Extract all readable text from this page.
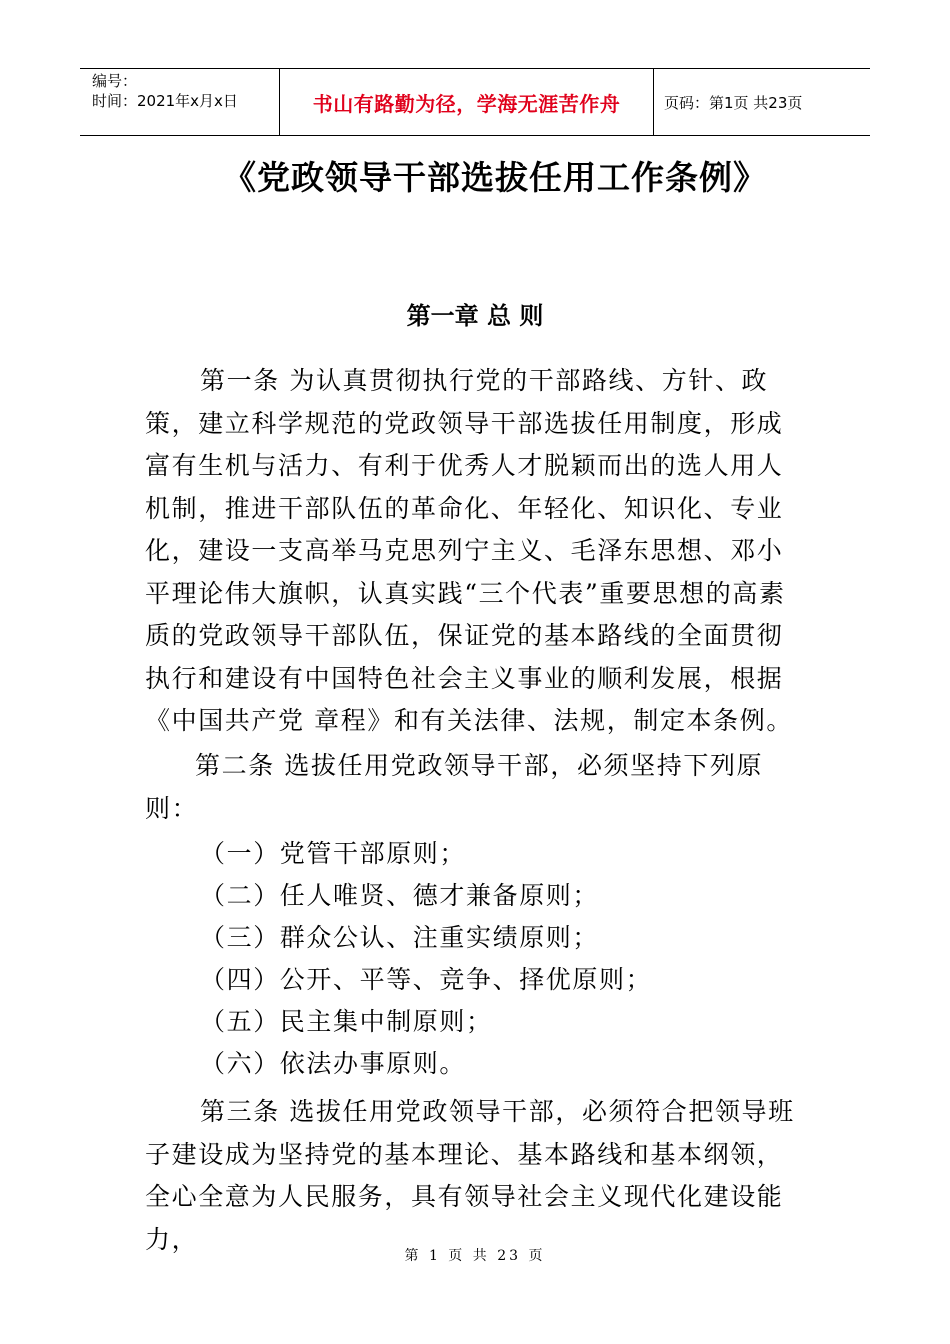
编号：
时间：2021年x月x日	书山有路勤为径，学海无涯苦作舟	页码：第1页 共23页
《党政领导干部选拔任用工作条例》
第一章 总 则

第一条 为认真贯彻执行党的干部路线、方针、政策，建立科学规范的党政领导干部选拔任用制度，形成富有生机与活力、有利于优秀人才脱颖而出的选人用人机制，推进干部队伍的革命化、年轻化、知识化、专业化，建设一支高举马克思列宁主义、毛泽东思想、邓小平理论伟大旗帜，认真实践“三个代表”重要思想的高素质的党政领导干部队伍，保证党的基本路线的全面贯彻执行和建设有中国特色社会主义事业的顺利发展，根据《中国共产党 章程》和有关法律、法规，制定本条例。

第二条 选拔任用党政领导干部，必须坚持下列原则：

（一）党管干部原则；
（二）任人唯贤、德才兼备原则；
（三）群众公认、注重实绩原则；
（四）公开、平等、竞争、择优原则；
（五）民主集中制原则；
（六）依法办事原则。

第三条 选拔任用党政领导干部，必须符合把领导班子建设成为坚持党的基本理论、基本路线和基本纲领，全心全意为人民服务，具有领导社会主义现代化建设能力，

第 1 页 共 23 页
